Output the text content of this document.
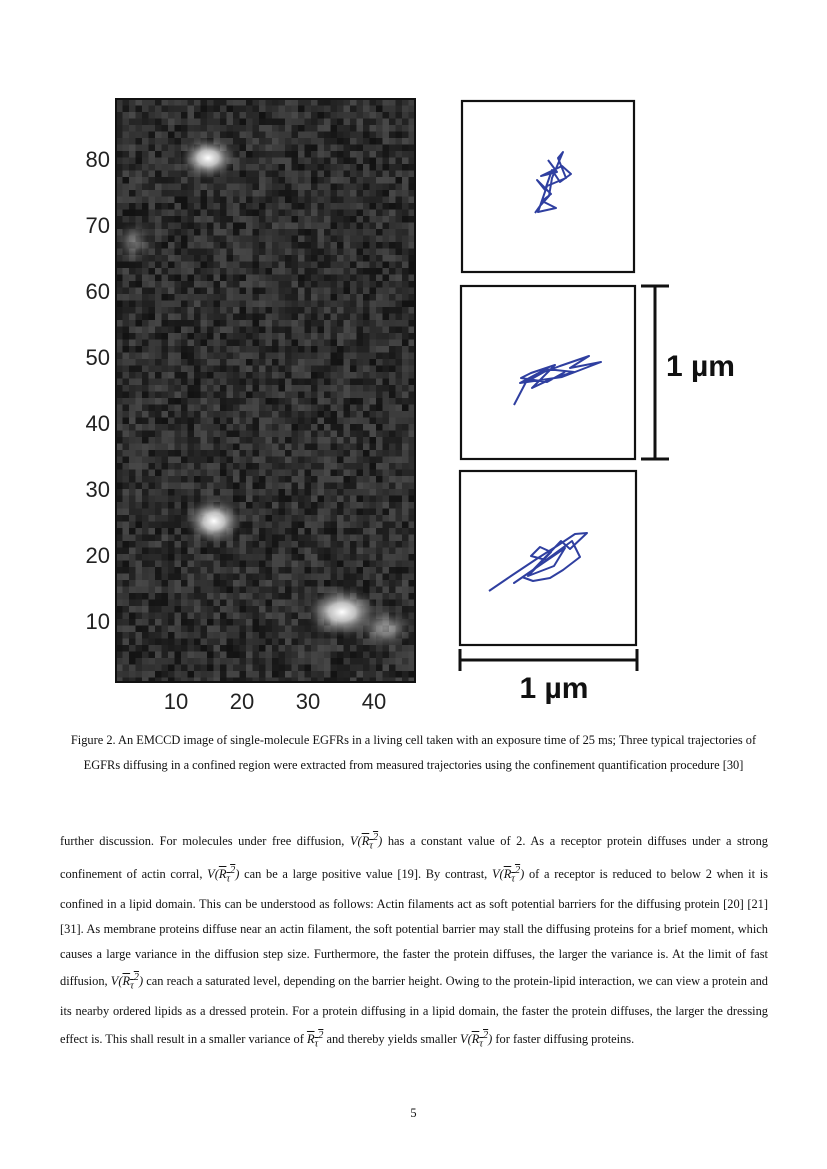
80
70
60
50
40
30
20
10
10 20 30 40
1 µm
1 µm
Figure 2. An EMCCD image of single-molecule EGFRs in a living cell taken with an exposure time of 25 ms; Three typical trajectories of EGFRs diffusing in a confined region were extracted from measured trajectories using the confinement quantification procedure [30]

further discussion. For molecules under free diffusion, $V(R_\tau^2)$ has a constant value of 2. As a receptor protein diffuses under a strong confinement of actin corral, $V(R_\tau^2)$ can be a large positive value [19]. By contrast, $V(R_\tau^2)$ of a receptor is reduced to below 2 when it is confined in a lipid domain. This can be understood as follows: Actin filaments act as soft potential barriers for the diffusing protein [20] [21] [31]. As membrane proteins diffuse near an actin filament, the soft potential barrier may stall the diffusing proteins for a brief moment, which causes a large variance in the diffusion step size. Furthermore, the faster the protein diffuses, the larger the variance is. At the limit of fast diffusion, $V(R_\tau^2)$ can reach a saturated level, depending on the barrier height. Owing to the protein-lipid interaction, we can view a protein and its nearby ordered lipids as a dressed protein. For a protein diffusing in a lipid domain, the faster the protein diffuses, the larger the dressing effect is. This shall result in a smaller variance of $R_\tau^2$ and thereby yields smaller $V(R_\tau^2)$ for faster diffusing proteins.

5
